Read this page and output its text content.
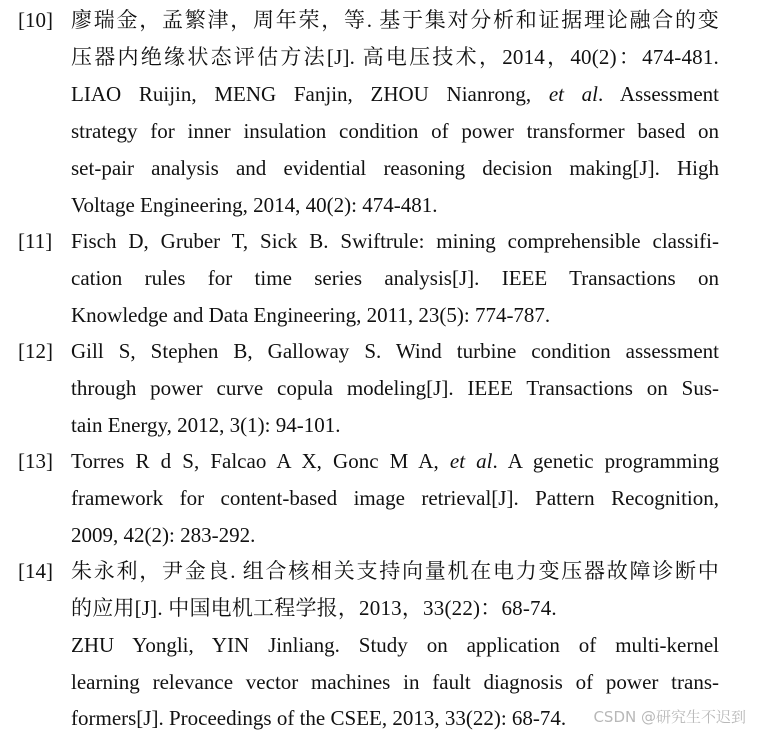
[10] 廖瑞金，孟繁津，周年荣，等. 基于集对分析和证据理论融合的变
压器内绝缘状态评估方法[J]. 高电压技术，2014，40(2)：474-481.
LIAO Ruijin, MENG Fanjin, ZHOU Nianrong, et al. Assessment
strategy for inner insulation condition of power transformer based on
set-pair analysis and evidential reasoning decision making[J]. High
Voltage Engineering, 2014, 40(2): 474-481.
[11] Fisch D, Gruber T, Sick B. Swiftrule: mining comprehensible classifi-
cation rules for time series analysis[J]. IEEE Transactions on
Knowledge and Data Engineering, 2011, 23(5): 774-787.
[12] Gill S, Stephen B, Galloway S. Wind turbine condition assessment
through power curve copula modeling[J]. IEEE Transactions on Sus-
tain Energy, 2012, 3(1): 94-101.
[13] Torres R d S, Falcao A X, Gonc M A, et al. A genetic programming
framework for content-based image retrieval[J]. Pattern Recognition,
2009, 42(2): 283-292.
[14] 朱永利，尹金良. 组合核相关支持向量机在电力变压器故障诊断中
的应用[J]. 中国电机工程学报，2013，33(22)：68-74.
ZHU Yongli, YIN Jinliang. Study on application of multi-kernel
learning relevance vector machines in fault diagnosis of power trans-
formers[J]. Proceedings of the CSEE, 2013, 33(22): 68-74.	CSDN @研究生不迟到
